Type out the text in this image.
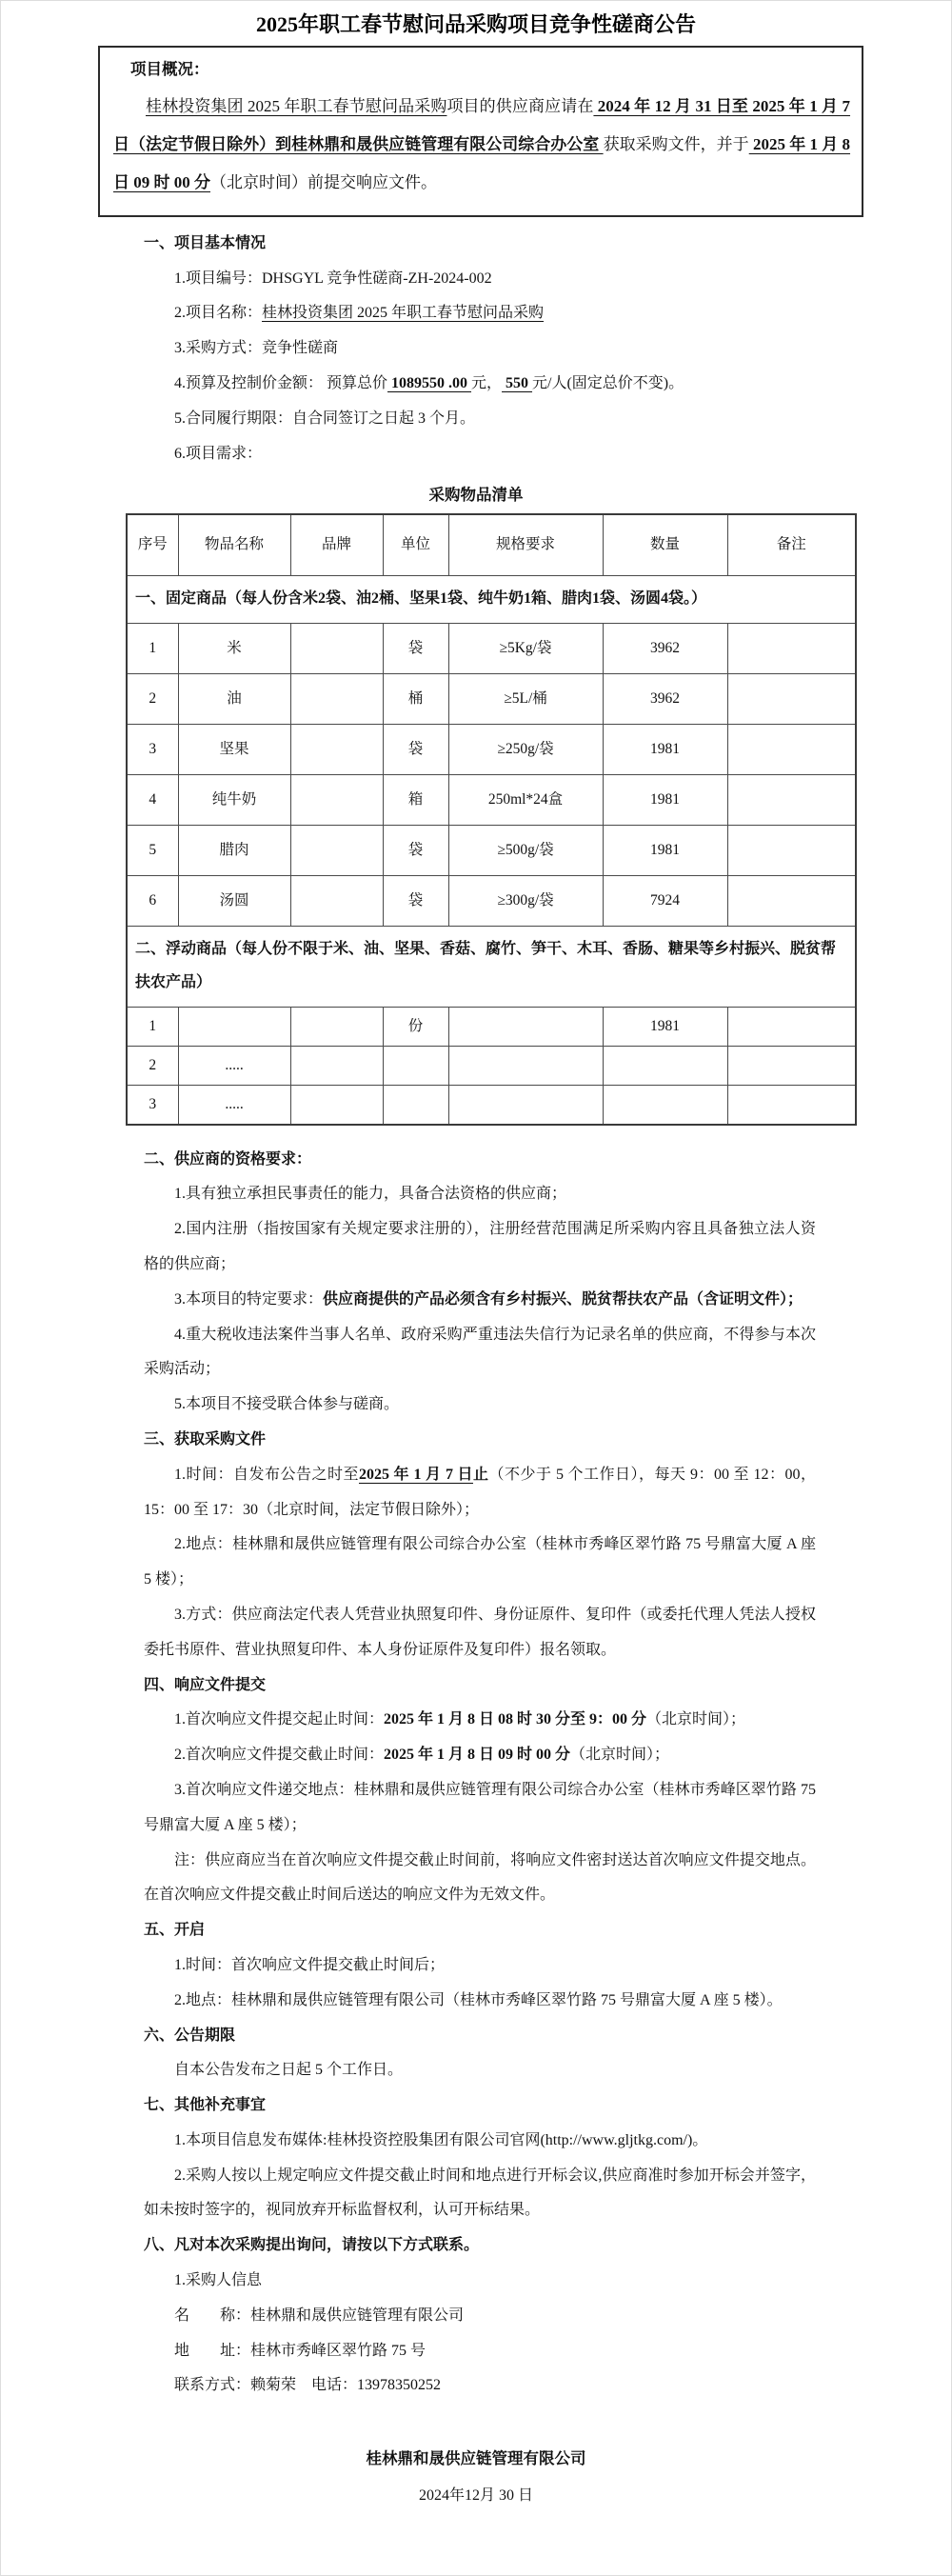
2025年职工春节慰问品采购项目竞争性磋商公告

项目概况：

桂林投资集团 2025 年职工春节慰问品采购项目的供应商应请在 2024 年 12 月 31 日至 2025 年 1 月 7 日（法定节假日除外）到桂林鼎和晟供应链管理有限公司综合办公室 获取采购文件，并于 2025 年 1 月 8 日 09 时 00 分（北京时间）前提交响应文件。

一、项目基本情况

1.项目编号：DHSGYL 竞争性磋商-ZH-2024-002

2.项目名称：桂林投资集团 2025 年职工春节慰问品采购

3.采购方式：竞争性磋商

4.预算及控制价金额： 预算总价 1089550 .00 元， 550 元/人(固定总价不变)。

5.合同履行期限：自合同签订之日起 3 个月。

6.项目需求：

采购物品清单

序号	物品名称	品牌	单位	规格要求	数量	备注
一、固定商品（每人份含米2袋、油2桶、坚果1袋、纯牛奶1箱、腊肉1袋、汤圆4袋。）						
1	米		袋	≥5Kg/袋	3962	
2	油		桶	≥5L/桶	3962	
3	坚果		袋	≥250g/袋	1981	
4	纯牛奶		箱	250ml*24盒	1981	
5	腊肉		袋	≥500g/袋	1981	
6	汤圆		袋	≥300g/袋	7924	
二、浮动商品（每人份不限于米、油、坚果、香菇、腐竹、笋干、木耳、香肠、糖果等乡村振兴、脱贫帮扶农产品）						
1			份		1981	
2	.....					
3	.....					

二、供应商的资格要求：

1.具有独立承担民事责任的能力，具备合法资格的供应商；

2.国内注册（指按国家有关规定要求注册的），注册经营范围满足所采购内容且具备独立法人资格的供应商；

3.本项目的特定要求：供应商提供的产品必须含有乡村振兴、脱贫帮扶农产品（含证明文件）；

4.重大税收违法案件当事人名单、政府采购严重违法失信行为记录名单的供应商，不得参与本次采购活动；

5.本项目不接受联合体参与磋商。

三、获取采购文件

1.时间：自发布公告之时至2025 年 1 月 7 日止（不少于 5 个工作日），每天 9：00 至 12：00，15：00 至 17：30（北京时间，法定节假日除外）；

2.地点：桂林鼎和晟供应链管理有限公司综合办公室（桂林市秀峰区翠竹路 75 号鼎富大厦 A 座 5 楼）；

3.方式：供应商法定代表人凭营业执照复印件、身份证原件、复印件（或委托代理人凭法人授权委托书原件、营业执照复印件、本人身份证原件及复印件）报名领取。

四、响应文件提交

1.首次响应文件提交起止时间：2025 年 1 月 8 日 08 时 30 分至 9：00 分（北京时间）；

2.首次响应文件提交截止时间：2025 年 1 月 8 日 09 时 00 分（北京时间）；

3.首次响应文件递交地点：桂林鼎和晟供应链管理有限公司综合办公室（桂林市秀峰区翠竹路 75 号鼎富大厦 A 座 5 楼）；

注：供应商应当在首次响应文件提交截止时间前，将响应文件密封送达首次响应文件提交地点。在首次响应文件提交截止时间后送达的响应文件为无效文件。

五、开启

1.时间：首次响应文件提交截止时间后；

2.地点：桂林鼎和晟供应链管理有限公司（桂林市秀峰区翠竹路 75 号鼎富大厦 A 座 5 楼）。

六、公告期限

自本公告发布之日起 5 个工作日。

七、其他补充事宜

1.本项目信息发布媒体:桂林投资控股集团有限公司官网(http://www.gljtkg.com/)。

2.采购人按以上规定响应文件提交截止时间和地点进行开标会议,供应商准时参加开标会并签字，如未按时签字的，视同放弃开标监督权利，认可开标结果。

八、凡对本次采购提出询问，请按以下方式联系。

1.采购人信息

名　　称：桂林鼎和晟供应链管理有限公司

地　　址：桂林市秀峰区翠竹路 75 号

联系方式：赖菊荣　电话：13978350252

桂林鼎和晟供应链管理有限公司

2024年12月 30 日
